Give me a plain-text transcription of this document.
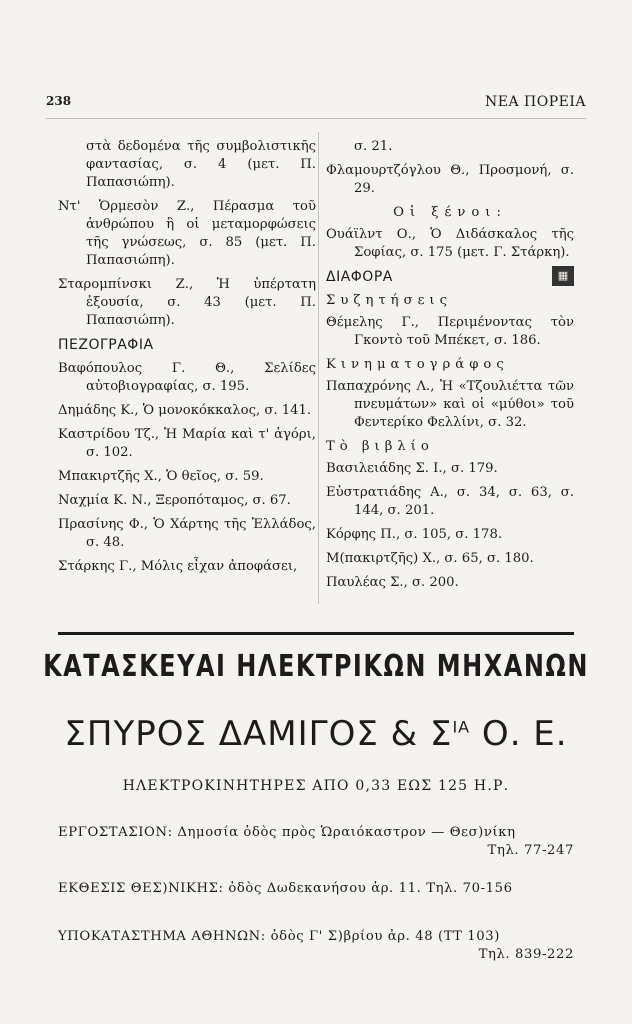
238	ΝΕΑ ΠΟΡΕΙΑ

στὰ δεδομένα τῆς συμβολιστικῆς φαντασίας, σ. 4 (μετ. Π. Παπασιώπη).

Ντ' Ὁρμεσὸν Ζ., Πέρασμα τοῦ ἀνθρώπου ἢ οἱ μεταμορφώσεις τῆς γνώσεως, σ. 85 (μετ. Π. Παπασιώπη).

Σταρομπίνσκι Ζ., Ἡ ὑπέρτατη ἐξουσία, σ. 43 (μετ. Π. Παπασιώπη).

ΠΕΖΟΓΡΑΦΙΑ

Βαφόπουλος Γ. Θ., Σελίδες αὐτοβιογραφίας, σ. 195.

Δημάδης Κ., Ὁ μονοκόκκαλος, σ. 141.

Καστρίδου Τζ., Ἡ Μαρία καὶ τ' ἀγόρι, σ. 102.

Μπακιρτζῆς Χ., Ὁ θεῖος, σ. 59.

Ναχμία Κ. Ν., Ξεροπόταμος, σ. 67.

Πρασίνης Φ., Ὁ Χάρτης τῆς Ἑλλάδος, σ. 48.

Στάρκης Γ., Μόλις εἶχαν ἀποφάσει,

σ. 21.

Φλαμουρτζόγλου Θ., Προσμονή, σ. 29.

Οἱ ξένοι:

Ουάϊλντ Ο., Ὁ Διδάσκαλος τῆς Σοφίας, σ. 175 (μετ. Γ. Στάρκη).

ΔΙΑΦΟΡΑ	▦
Συζητήσεις

Θέμελης Γ., Περιμένοντας τὸν Γκοντὸ τοῦ Μπέκετ, σ. 186.

Κινηματογράφος

Παπαχρόνης Λ., Ἡ «Τζουλιέττα τῶν πνευμάτων» καὶ οἱ «μύθοι» τοῦ Φεντερίκο Φελλίνι, σ. 32.

Τὸ βιβλίο

Βασιλειάδης Σ. Ι., σ. 179.

Εὐστρατιάδης Α., σ. 34, σ. 63, σ. 144, σ. 201.

Κόρφης Π., σ. 105, σ. 178.

Μ(πακιρτζῆς) Χ., σ. 65, σ. 180.

Παυλέας Σ., σ. 200.

ΚΑΤΑΣΚΕΥΑΙ ΗΛΕΚΤΡΙΚΩΝ ΜΗΧΑΝΩΝ
ΣΠΥΡΟΣ ΔΑΜΙΓΟΣ & $\Sigma^{IA}$ Ο. Ε.
ΗΛΕΚΤΡΟΚΙΝΗΤΗΡΕΣ ΑΠΟ 0,33 ΕΩΣ 125 Η.Ρ.
ΕΡΓΟΣΤΑΣΙΟΝ: Δημοσία ὁδὸς πρὸς Ὡραιόκαστρον — Θεσ)νίκη
Τηλ. 77-247
ΕΚΘΕΣΙΣ ΘΕΣ)ΝΙΚΗΣ: ὁδὸς Δωδεκανήσου ἀρ. 11. Τηλ. 70-156
ΥΠΟΚΑΤΑΣΤΗΜΑ ΑΘΗΝΩΝ: ὁδὸς Γ' Σ)βρίου ἀρ. 48 (ΤΤ 103)
Τηλ. 839-222
